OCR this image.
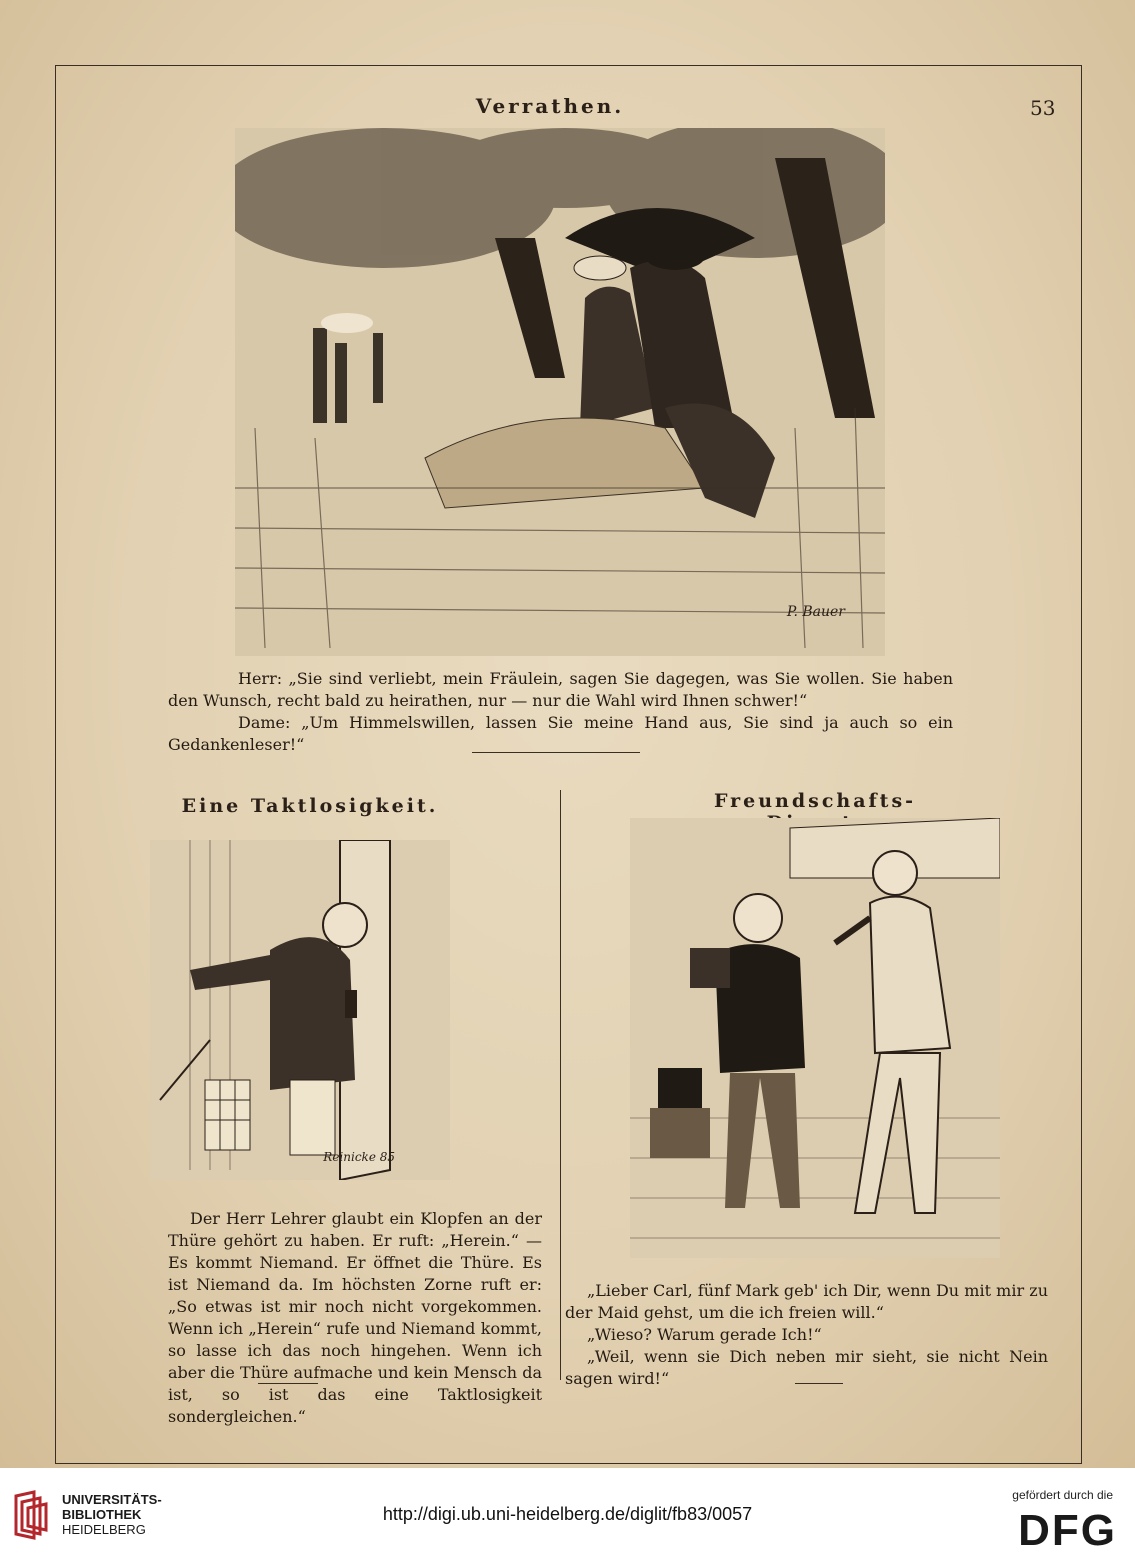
Verrathen.	53
P. Bauer

Herr: „Sie sind verliebt, mein Fräulein, sagen Sie dagegen, was Sie wollen. Sie haben den Wunsch, recht bald zu heirathen, nur — nur die Wahl wird Ihnen schwer!“

Dame: „Um Himmelswillen, lassen Sie meine Hand aus, Sie sind ja auch so ein Gedankenleser!“

Eine Taktlosigkeit.
Reinicke 85

Der Herr Lehrer glaubt ein Klopfen an der Thüre gehört zu haben. Er ruft: „Herein.“ — Es kommt Niemand. Er öffnet die Thüre. Es ist Niemand da. Im höchsten Zorne ruft er: „So etwas ist mir noch nicht vorgekommen. Wenn ich „Herein“ rufe und Niemand kommt, so lasse ich das noch hingehen. Wenn ich aber die Thüre aufmache und kein Mensch da ist, so ist das eine Taktlosigkeit sondergleichen.“

Freundschafts-

„Lieber Carl, fünf Mark geb' ich Dir, wenn Du mit mir zu der Maid gehst, um die ich freien will.“

„Wieso? Warum gerade Ich!“

„Weil, wenn sie Dich neben mir sieht, sie nicht Nein sagen wird!“

UNIVERSITÄTS-
BIBLIOTHEK
HEIDELBERG
http://digi.ub.uni-heidelberg.de/diglit/fb83/0057
gefördert durch die
DFG
